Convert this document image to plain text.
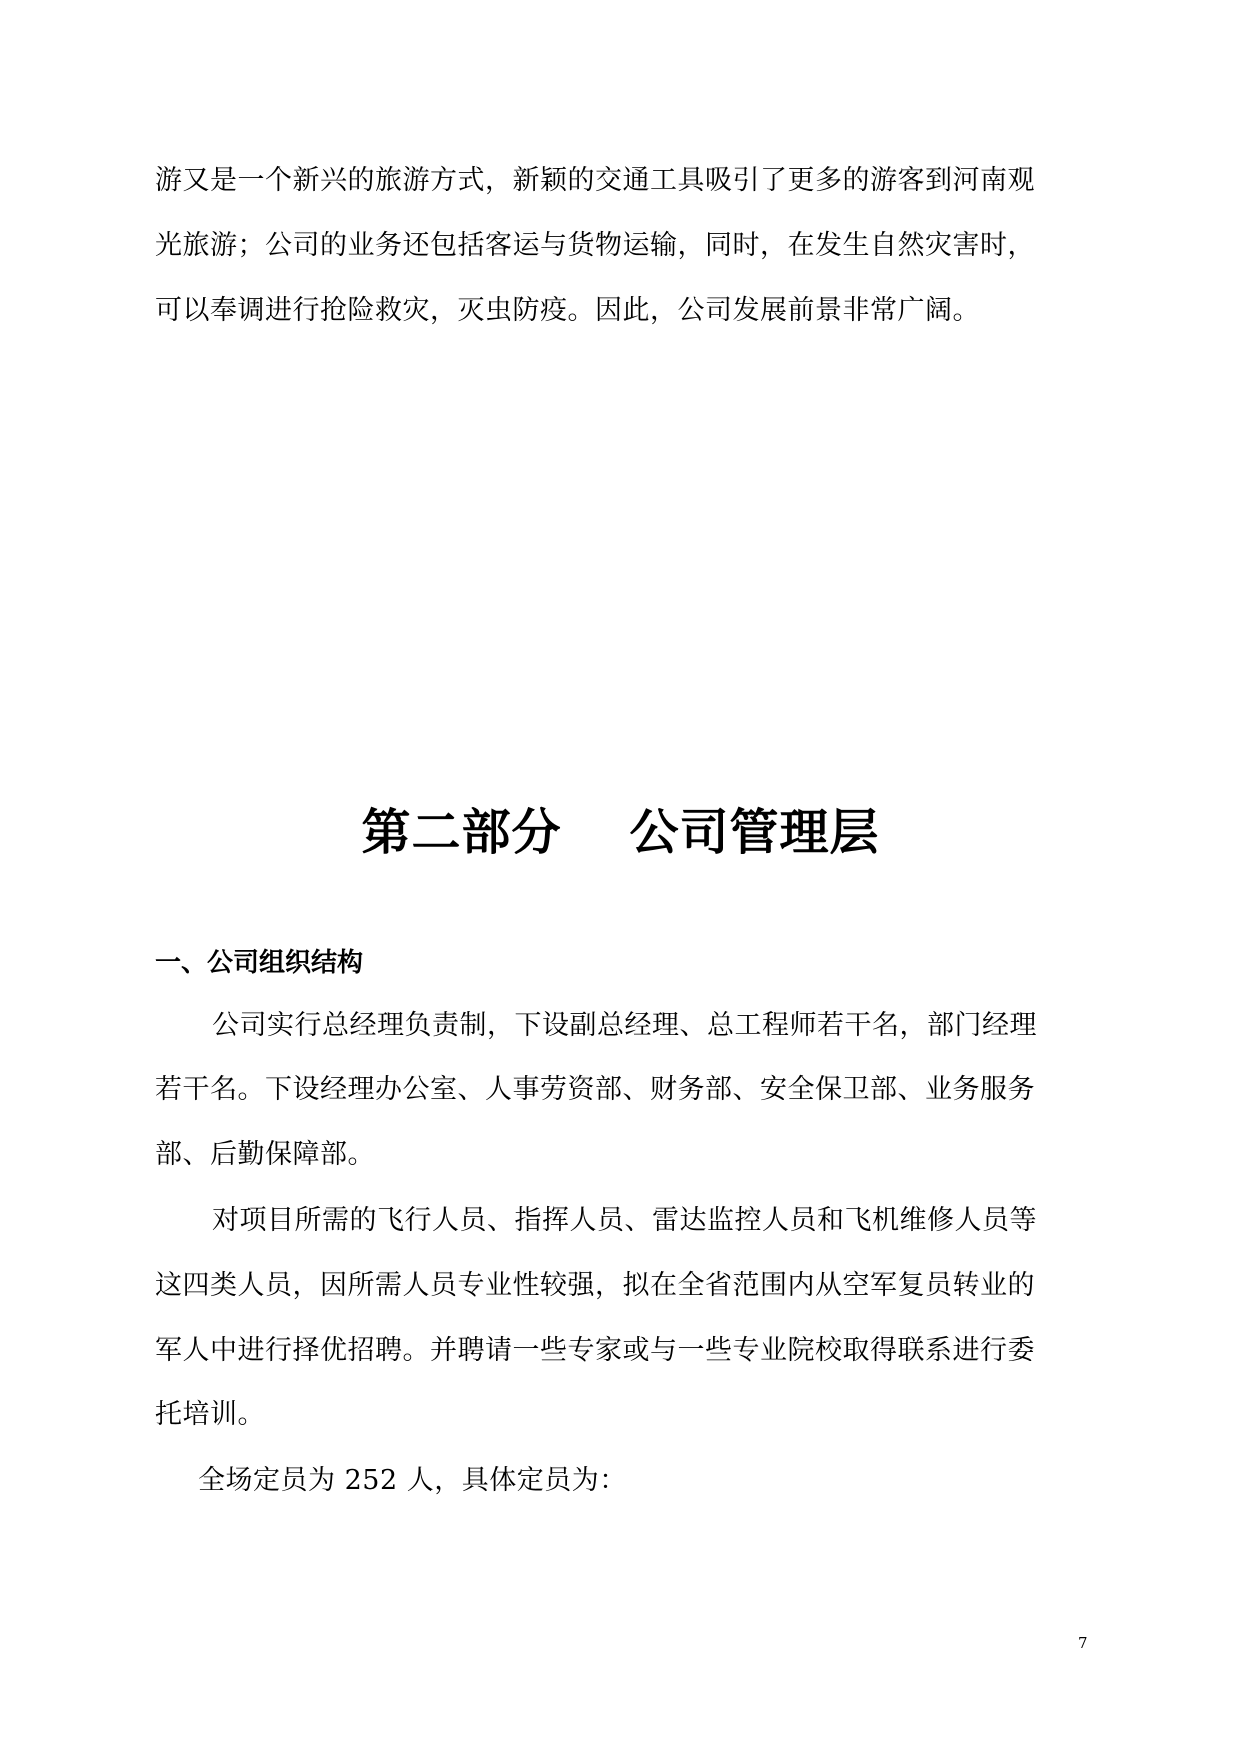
游又是一个新兴的旅游方式，新颖的交通工具吸引了更多的游客到河南观
光旅游；公司的业务还包括客运与货物运输，同时，在发生自然灾害时，
可以奉调进行抢险救灾，灭虫防疫。因此，公司发展前景非常广阔。
第二部分　 公司管理层
一、公司组织结构
公司实行总经理负责制，下设副总经理、总工程师若干名，部门经理
若干名。下设经理办公室、人事劳资部、财务部、安全保卫部、业务服务
部、后勤保障部。
对项目所需的飞行人员、指挥人员、雷达监控人员和飞机维修人员等
这四类人员，因所需人员专业性较强，拟在全省范围内从空军复员转业的
军人中进行择优招聘。并聘请一些专家或与一些专业院校取得联系进行委
托培训。
全场定员为 252 人，具体定员为：
7
